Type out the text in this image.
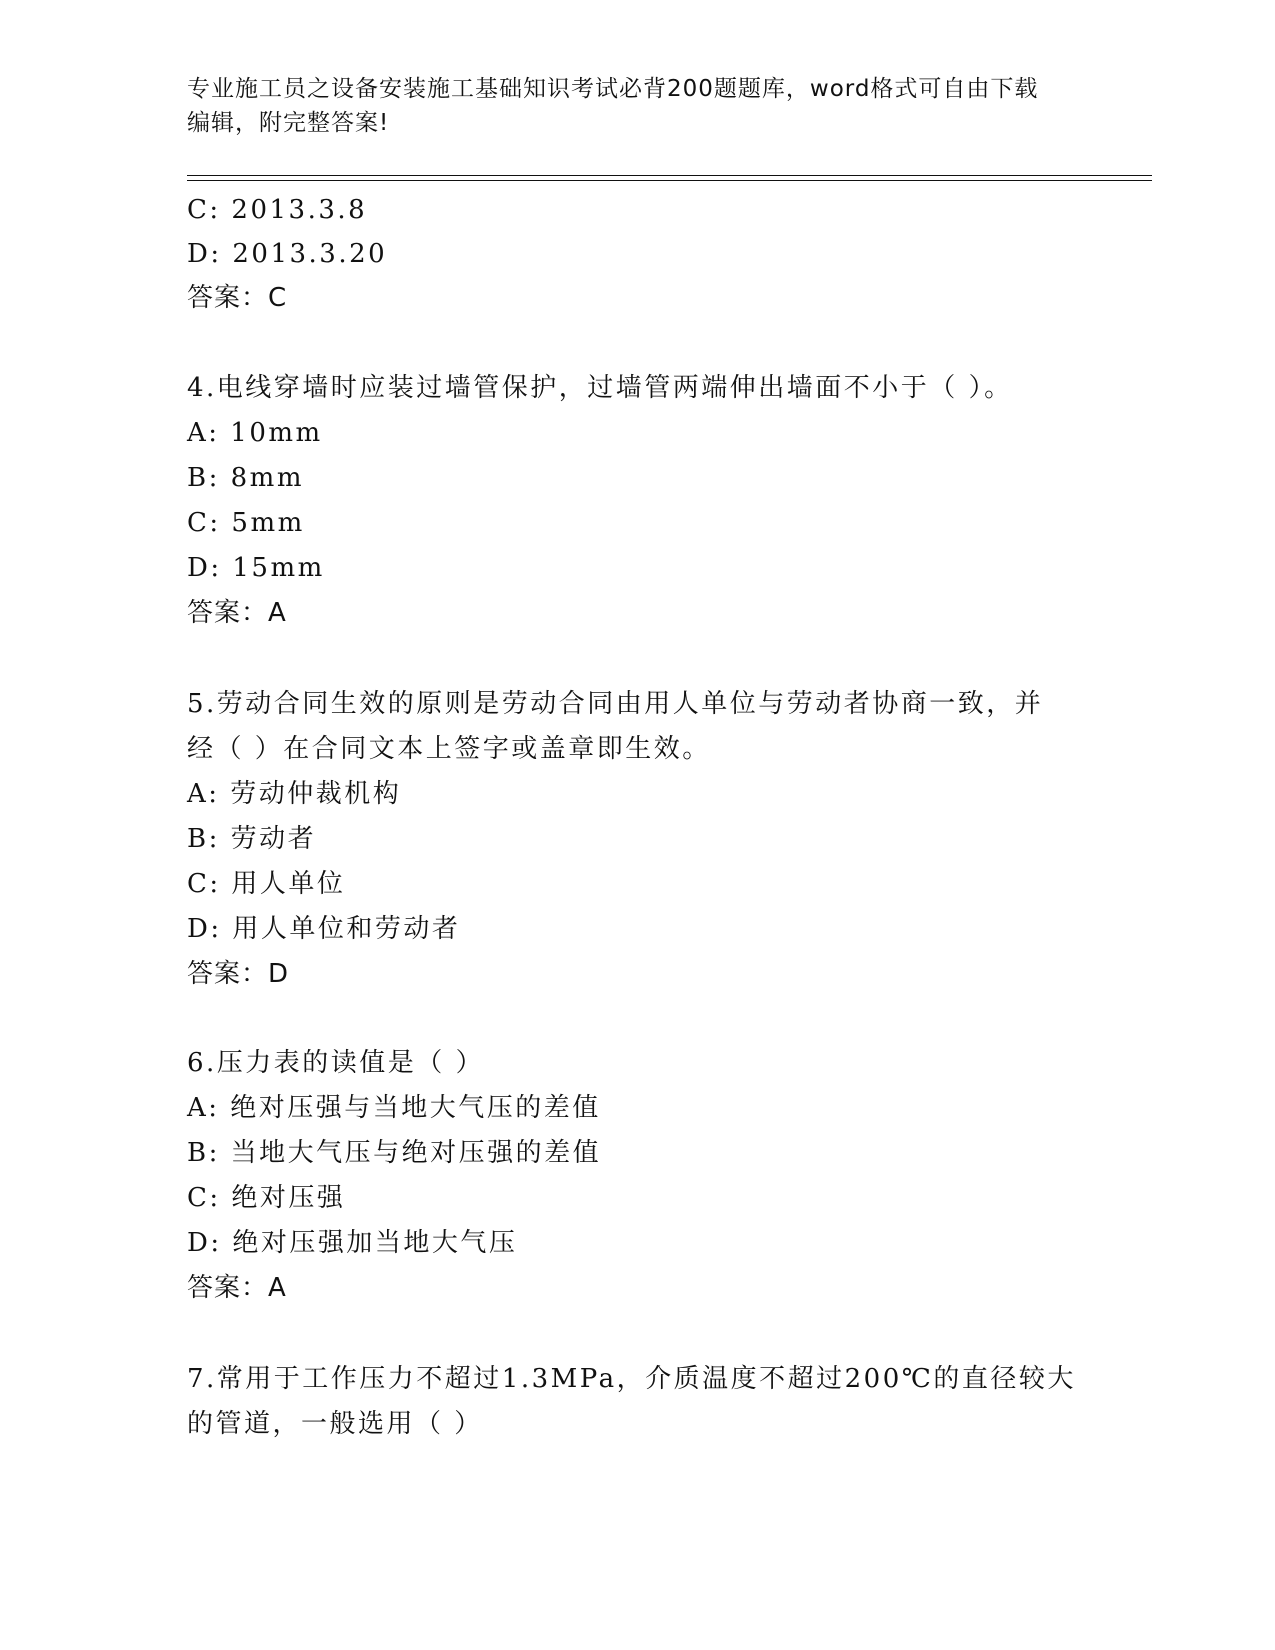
专业施工员之设备安装施工基础知识考试必背200题题库，word格式可自由下载
编辑，附完整答案!
C: 2013.3.8
D: 2013.3.20
答案：C
4.电线穿墙时应装过墙管保护，过墙管两端伸出墙面不小于（ ）。
A: 10mm
B: 8mm
C: 5mm
D: 15mm
答案：A
5.劳动合同生效的原则是劳动合同由用人单位与劳动者协商一致，并
经（ ）在合同文本上签字或盖章即生效。
A: 劳动仲裁机构
B: 劳动者
C: 用人单位
D: 用人单位和劳动者
答案：D
6.压力表的读值是（ ）
A: 绝对压强与当地大气压的差值
B: 当地大气压与绝对压强的差值
C: 绝对压强
D: 绝对压强加当地大气压
答案：A
7.常用于工作压力不超过1.3MPa，介质温度不超过200℃的直径较大
的管道，一般选用（ ）
